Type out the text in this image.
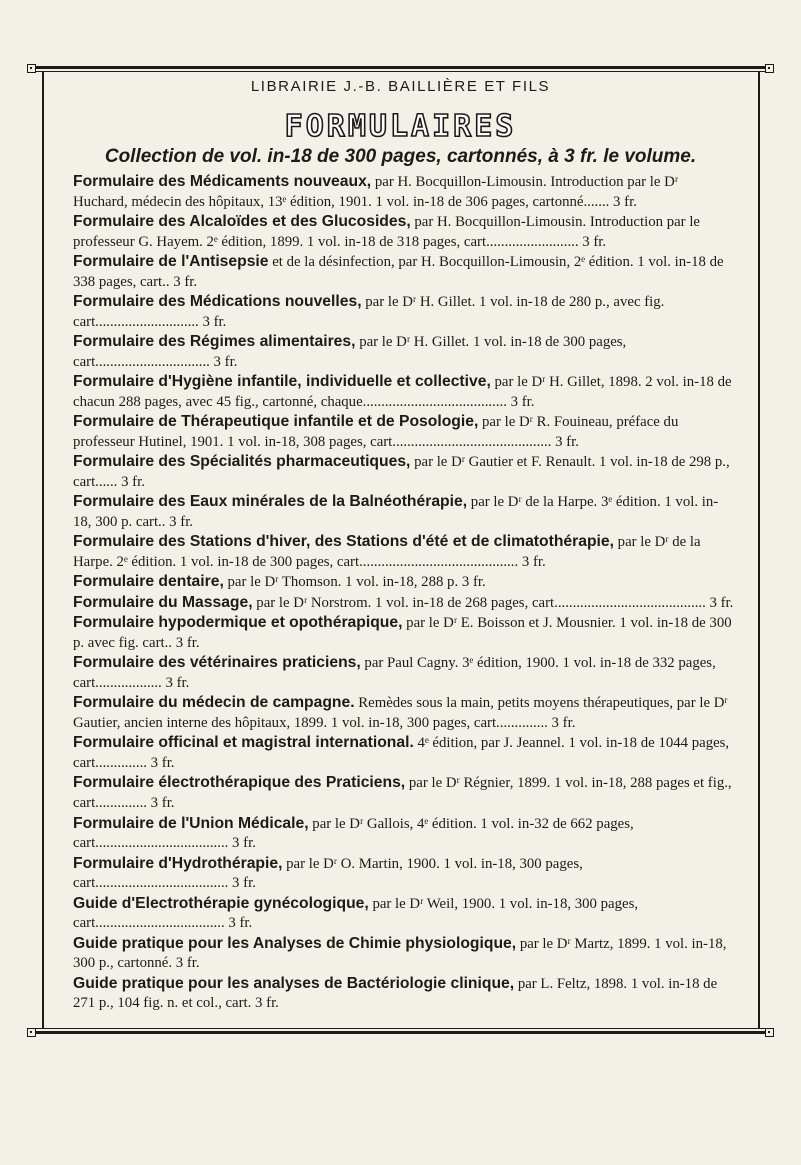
LIBRAIRIE J.-B. BAILLIÈRE ET FILS
FORMULAIRES
Collection de vol. in-18 de 300 pages, cartonnés, à 3 fr. le volume.

Formulaire des Médicaments nouveaux, par H. Bocquillon-Limousin. Introduction par le Dʳ Huchard, médecin des hôpitaux, 13ᵉ édition, 1901. 1 vol. in-18 de 306 pages, cartonné....... 3 fr.

Formulaire des Alcaloïdes et des Glucosides, par H. Bocquillon-Limousin. Introduction par le professeur G. Hayem. 2ᵉ édition, 1899. 1 vol. in-18 de 318 pages, cart......................... 3 fr.

Formulaire de l'Antisepsie et de la désinfection, par H. Bocquillon-Limousin, 2ᵉ édition. 1 vol. in-18 de 338 pages, cart.. 3 fr.

Formulaire des Médications nouvelles, par le Dʳ H. Gillet. 1 vol. in-18 de 280 p., avec fig. cart............................ 3 fr.

Formulaire des Régimes alimentaires, par le Dʳ H. Gillet. 1 vol. in-18 de 300 pages, cart............................... 3 fr.

Formulaire d'Hygiène infantile, individuelle et collective, par le Dʳ H. Gillet, 1898. 2 vol. in-18 de chacun 288 pages, avec 45 fig., cartonné, chaque....................................... 3 fr.

Formulaire de Thérapeutique infantile et de Posologie, par le Dʳ R. Fouineau, préface du professeur Hutinel, 1901. 1 vol. in-18, 308 pages, cart........................................... 3 fr.

Formulaire des Spécialités pharmaceutiques, par le Dʳ Gautier et F. Renault. 1 vol. in-18 de 298 p., cart...... 3 fr.

Formulaire des Eaux minérales de la Balnéothérapie, par le Dʳ de la Harpe. 3ᵉ édition. 1 vol. in-18, 300 p. cart.. 3 fr.

Formulaire des Stations d'hiver, des Stations d'été et de climatothérapie, par le Dʳ de la Harpe. 2ᵉ édition. 1 vol. in-18 de 300 pages, cart........................................... 3 fr.

Formulaire dentaire, par le Dʳ Thomson. 1 vol. in-18, 288 p. 3 fr.

Formulaire du Massage, par le Dʳ Norstrom. 1 vol. in-18 de 268 pages, cart......................................... 3 fr.

Formulaire hypodermique et opothérapique, par le Dʳ E. Boisson et J. Mousnier. 1 vol. in-18 de 300 p. avec fig. cart.. 3 fr.

Formulaire des vétérinaires praticiens, par Paul Cagny. 3ᵉ édition, 1900. 1 vol. in-18 de 332 pages, cart.................. 3 fr.

Formulaire du médecin de campagne. Remèdes sous la main, petits moyens thérapeutiques, par le Dʳ Gautier, ancien interne des hôpitaux, 1899. 1 vol. in-18, 300 pages, cart.............. 3 fr.

Formulaire officinal et magistral international. 4ᵉ édition, par J. Jeannel. 1 vol. in-18 de 1044 pages, cart.............. 3 fr.

Formulaire électrothérapique des Praticiens, par le Dʳ Régnier, 1899. 1 vol. in-18, 288 pages et fig., cart.............. 3 fr.

Formulaire de l'Union Médicale, par le Dʳ Gallois, 4ᵉ édition. 1 vol. in-32 de 662 pages, cart.................................... 3 fr.

Formulaire d'Hydrothérapie, par le Dʳ O. Martin, 1900. 1 vol. in-18, 300 pages, cart.................................... 3 fr.

Guide d'Electrothérapie gynécologique, par le Dʳ Weil, 1900. 1 vol. in-18, 300 pages, cart................................... 3 fr.

Guide pratique pour les Analyses de Chimie physiologique, par le Dʳ Martz, 1899. 1 vol. in-18, 300 p., cartonné. 3 fr.

Guide pratique pour les analyses de Bactériologie clinique, par L. Feltz, 1898. 1 vol. in-18 de 271 p., 104 fig. n. et col., cart. 3 fr.
